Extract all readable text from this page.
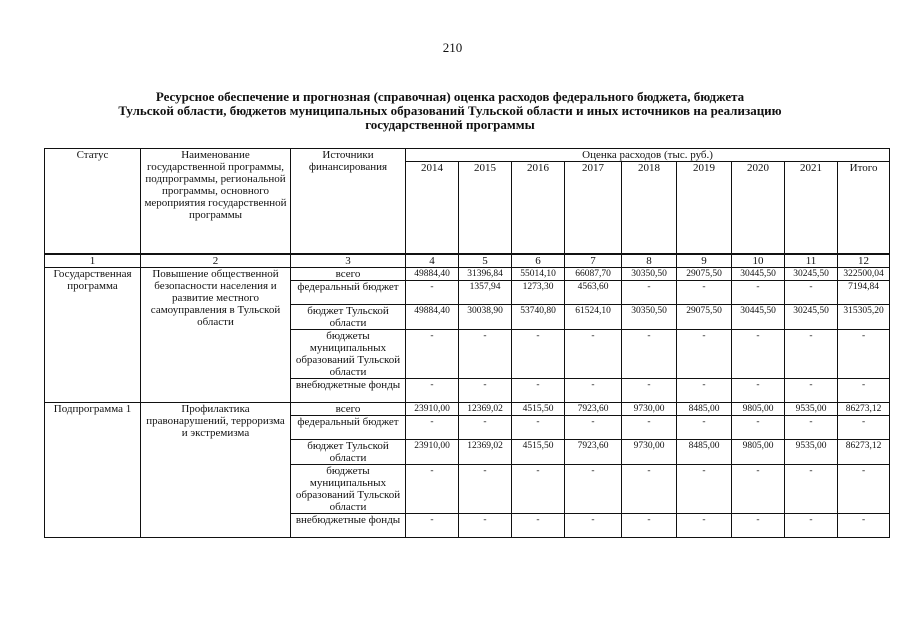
210
Ресурсное обеспечение и прогнозная (справочная) оценка расходов федерального бюджета, бюджета
Тульской области, бюджетов муниципальных образований Тульской области и иных источников на реализацию
государственной программы
Статус	Наименование государственной программы, подпрограммы, региональной программы, основного мероприятия государственной программы	Источники финансирования	Оценка расходов (тыс. руб.)								
			2014	2015	2016	2017	2018	2019	2020	2021	Итого
1	2	3	4	5	6	7	8	9	10	11	12
Государственная программа	Повышение общественной безопасности населения и развитие местного самоуправления в Тульской области	всего	49884,40	31396,84	55014,10	66087,70	30350,50	29075,50	30445,50	30245,50	322500,04
		федеральный бюджет	-	1357,94	1273,30	4563,60	-	-	-	-	7194,84
		бюджет Тульской области	49884,40	30038,90	53740,80	61524,10	30350,50	29075,50	30445,50	30245,50	315305,20
		бюджеты муниципальных образований Тульской области	-	-	-	-	-	-	-	-	-
		внебюджетные фонды	-	-	-	-	-	-	-	-	-
Подпрограмма 1	Профилактика правонарушений, терроризма и экстремизма	всего	23910,00	12369,02	4515,50	7923,60	9730,00	8485,00	9805,00	9535,00	86273,12
		федеральный бюджет	-	-	-	-	-	-	-	-	-
		бюджет Тульской области	23910,00	12369,02	4515,50	7923,60	9730,00	8485,00	9805,00	9535,00	86273,12
		бюджеты муниципальных образований Тульской области	-	-	-	-	-	-	-	-	-
		внебюджетные фонды	-	-	-	-	-	-	-	-	-
